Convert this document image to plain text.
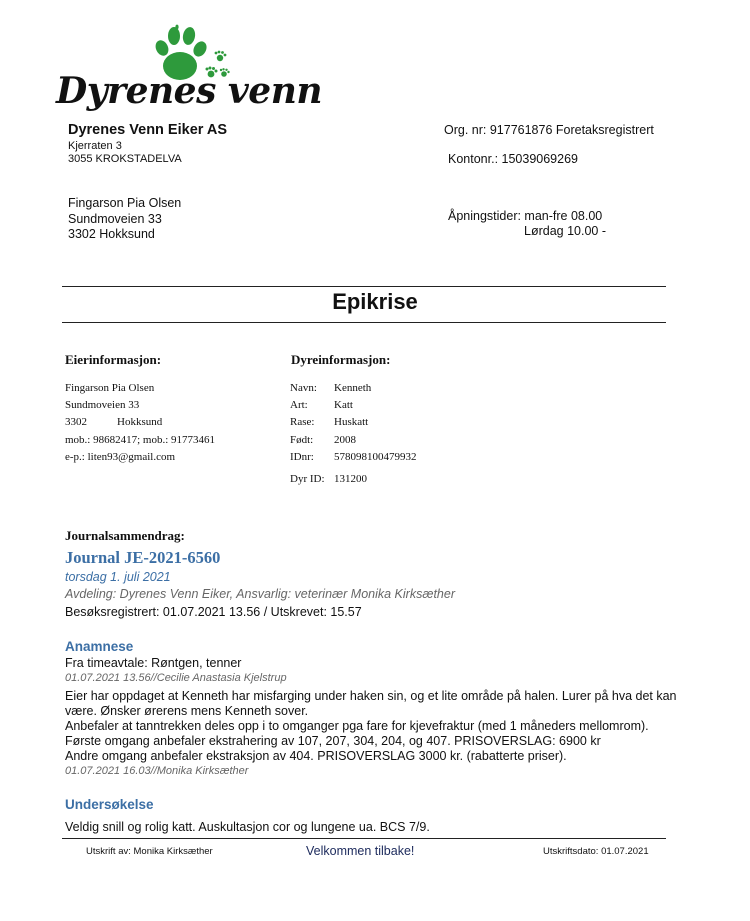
Dyrenes venn
Dyrenes Venn Eiker AS
Kjerraten 3
3055 KROKSTADELVA
Org. nr: 917761876 Foretaksregistrert
Kontonr.: 15039069269
Fingarson Pia Olsen
Sundmoveien 33
3302 Hokksund
Åpningstider: man-fre 08.00
Lørdag 10.00 -
Epikrise
Eierinformasjon:
Fingarson Pia Olsen
Sundmoveien 33
3302	Hokksund
mob.: 98682417; mob.: 91773461
e-p.: liten93@gmail.com
Dyreinformasjon:
Navn: Kenneth
Art: Katt
Rase: Huskatt
Født: 2008
IDnr: 578098100479932
Dyr ID: 131200
Journalsammendrag:
Journal JE-2021-6560
torsdag 1. juli 2021
Avdeling: Dyrenes Venn Eiker, Ansvarlig: veterinær Monika Kirksæther
Besøksregistrert: 01.07.2021 13.56 / Utskrevet: 15.57
Anamnese
Fra timeavtale: Røntgen, tenner
01.07.2021 13.56//Cecilie Anastasia Kjelstrup
Eier har oppdaget at Kenneth har misfarging under haken sin, og et lite område på halen. Lurer på hva det kan
være. Ønsker ørerens mens Kenneth sover.
Anbefaler at tanntrekken deles opp i to omganger pga fare for kjevefraktur (med 1 måneders mellomrom).
Første omgang anbefaler ekstrahering av 107, 207, 304, 204, og 407. PRISOVERSLAG: 6900 kr
Andre omgang anbefaler ekstraksjon av 404. PRISOVERSLAG 3000 kr. (rabatterte priser).
01.07.2021 16.03//Monika Kirksæther
Undersøkelse
Veldig snill og rolig katt. Auskultasjon cor og lungene ua. BCS 7/9.
Utskrift av: Monika Kirksæther	Velkommen tilbake!	Utskriftsdato: 01.07.2021
